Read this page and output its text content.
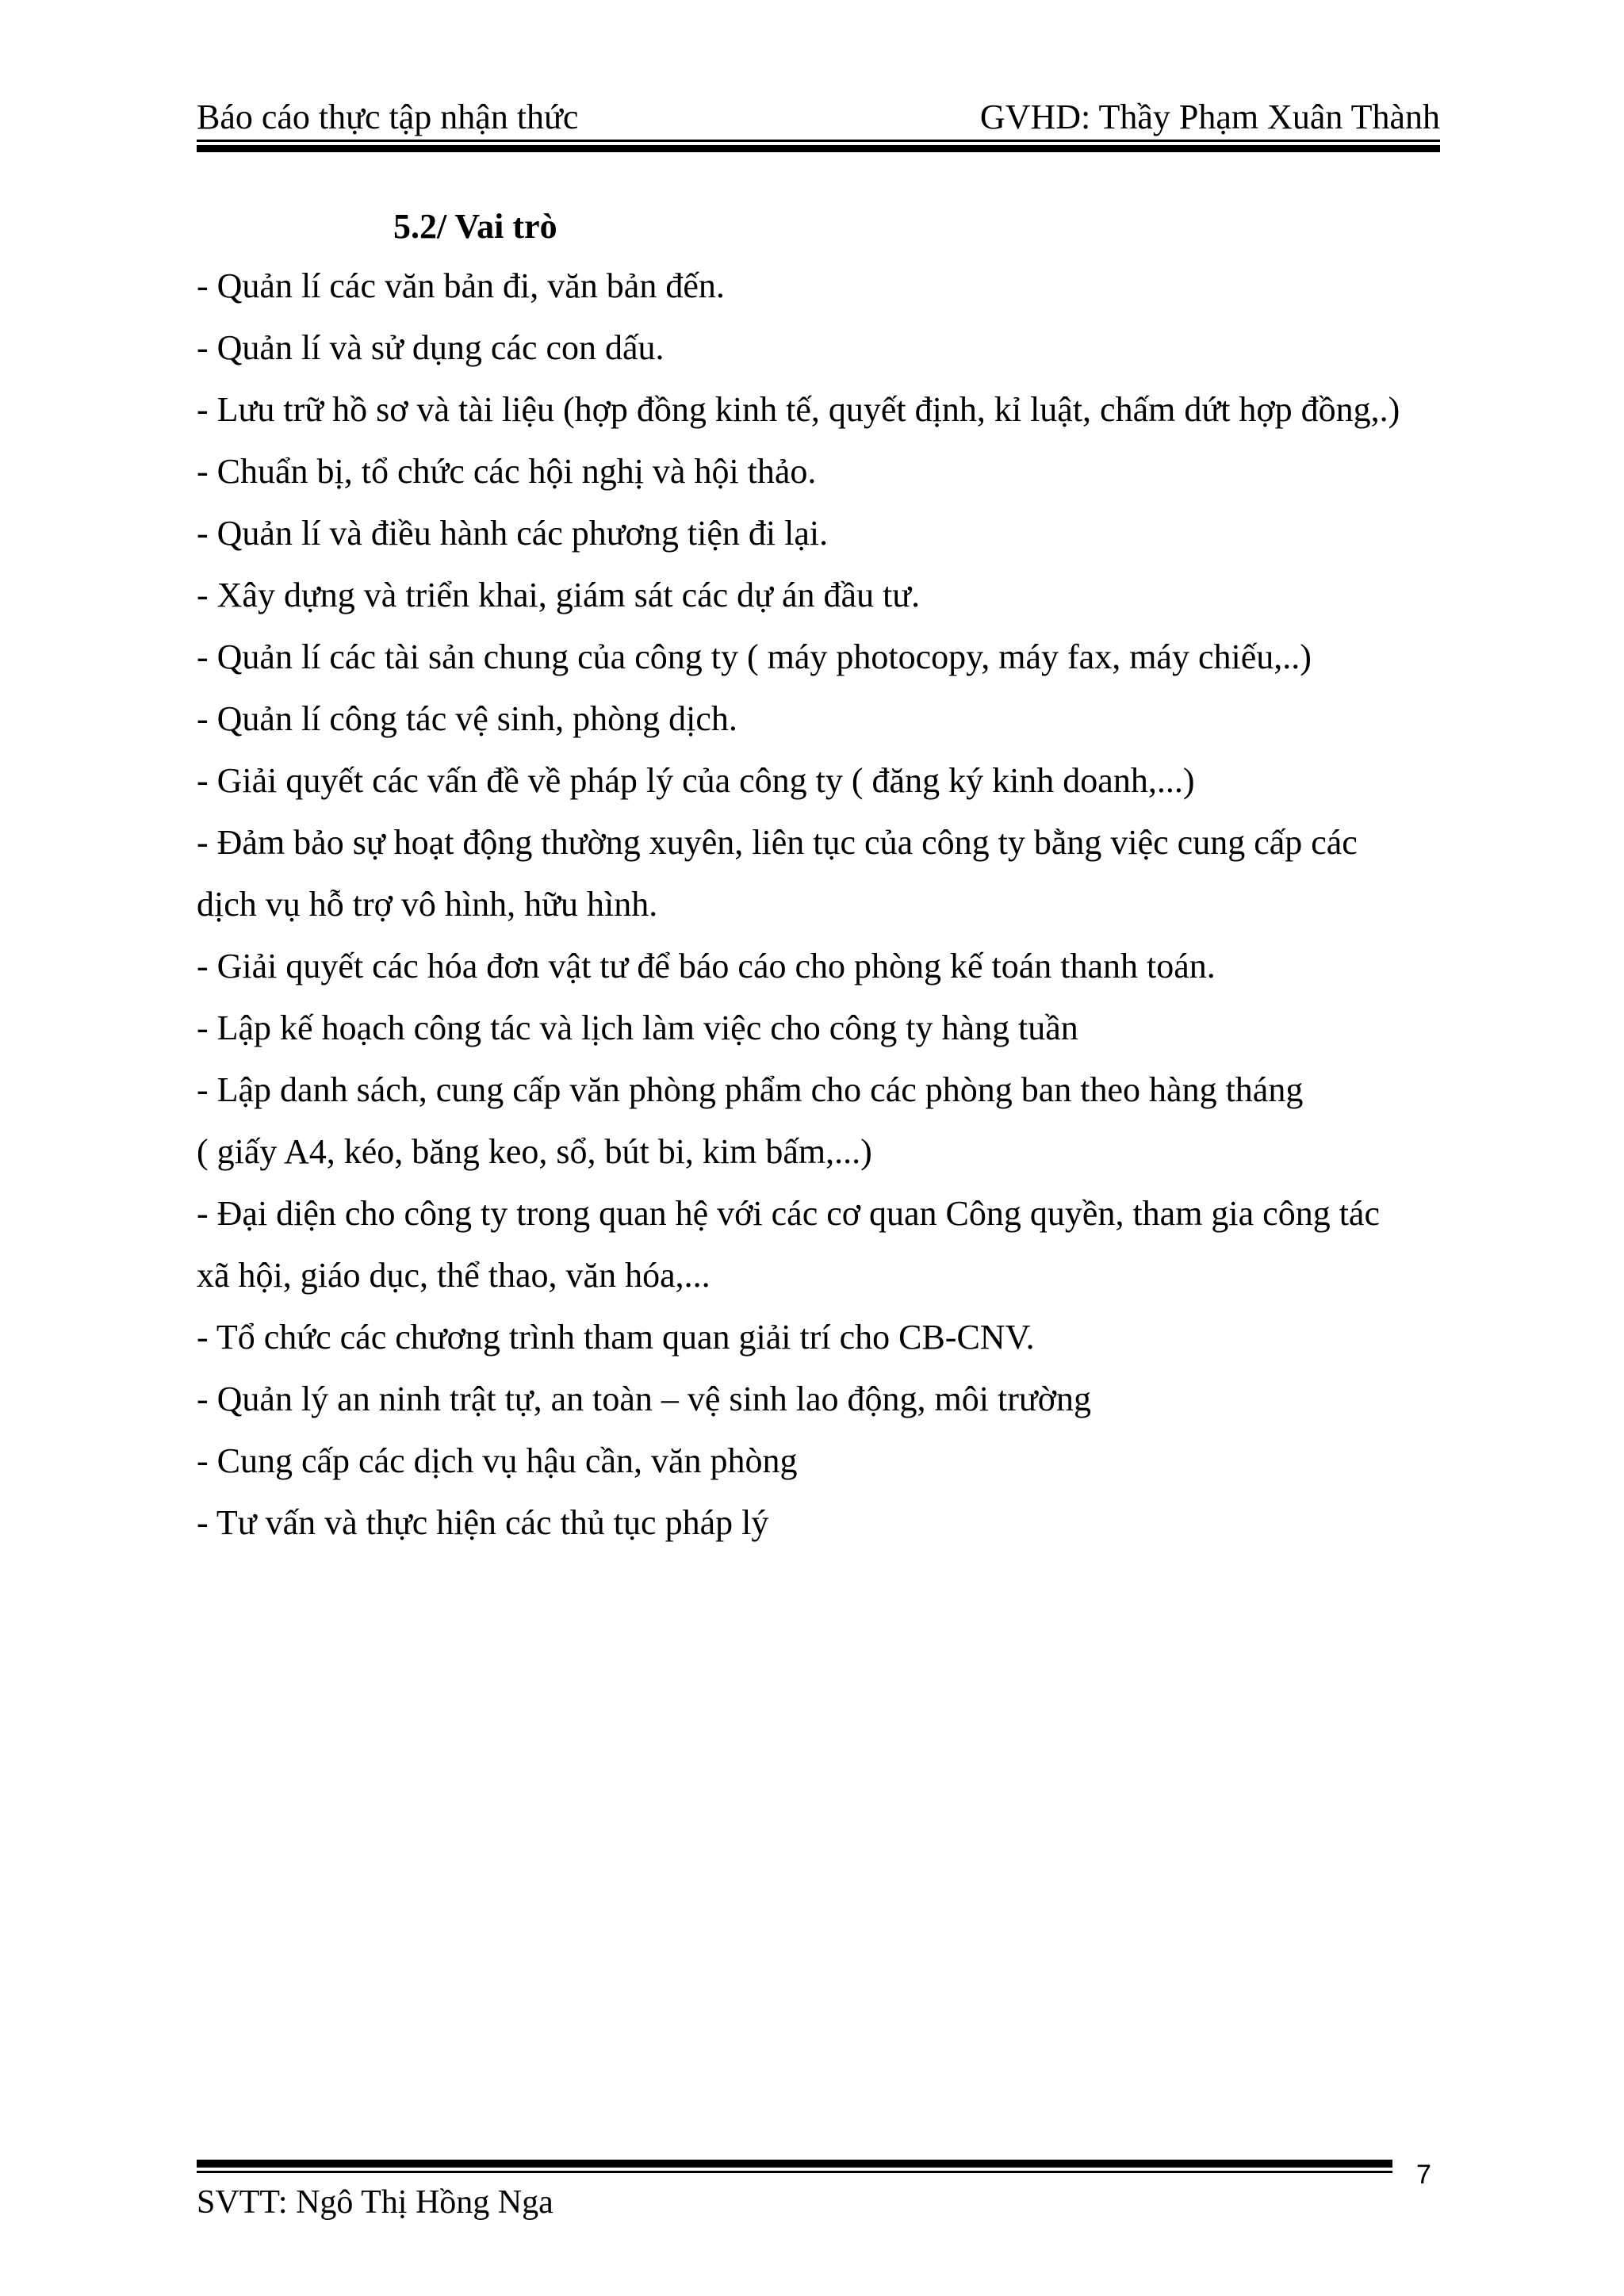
Báo cáo thực tập nhận thức	GVHD: Thầy Phạm Xuân Thành
5.2/ Vai trò
- Quản lí các văn bản đi, văn bản đến.
- Quản lí và sử dụng các con dấu.
- Lưu trữ hồ sơ và tài liệu (hợp đồng kinh tế, quyết định, kỉ luật, chấm dứt hợp đồng,.)
- Chuẩn bị, tổ chức các hội nghị và hội thảo.
- Quản lí và điều hành các phương tiện đi lại.
- Xây dựng và triển khai, giám sát các dự án đầu tư.
- Quản lí các tài sản chung của công ty ( máy photocopy, máy fax, máy chiếu,..)
- Quản lí công tác vệ sinh, phòng dịch.
- Giải quyết các vấn đề về pháp lý của công ty ( đăng ký kinh doanh,...)
- Đảm bảo sự hoạt động thường xuyên, liên tục của công ty bằng việc cung cấp các
dịch vụ hỗ trợ vô hình, hữu hình.
- Giải quyết các hóa đơn vật tư để báo cáo cho phòng kế toán thanh toán.
- Lập kế hoạch công tác và lịch làm việc cho công ty hàng tuần
- Lập danh sách, cung cấp văn phòng phẩm cho các phòng ban theo hàng tháng
( giấy A4, kéo, băng keo, sổ, bút bi, kim bấm,...)
- Đại diện cho công ty trong quan hệ với các cơ quan Công quyền, tham gia công tác
xã hội, giáo dục, thể thao, văn hóa,...
- Tổ chức các chương trình tham quan giải trí cho CB-CNV.
- Quản lý an ninh trật tự, an toàn – vệ sinh lao động, môi trường
- Cung cấp các dịch vụ hậu cần, văn phòng
- Tư vấn và thực hiện các thủ tục pháp lý
SVTT: Ngô Thị Hồng Nga
7
